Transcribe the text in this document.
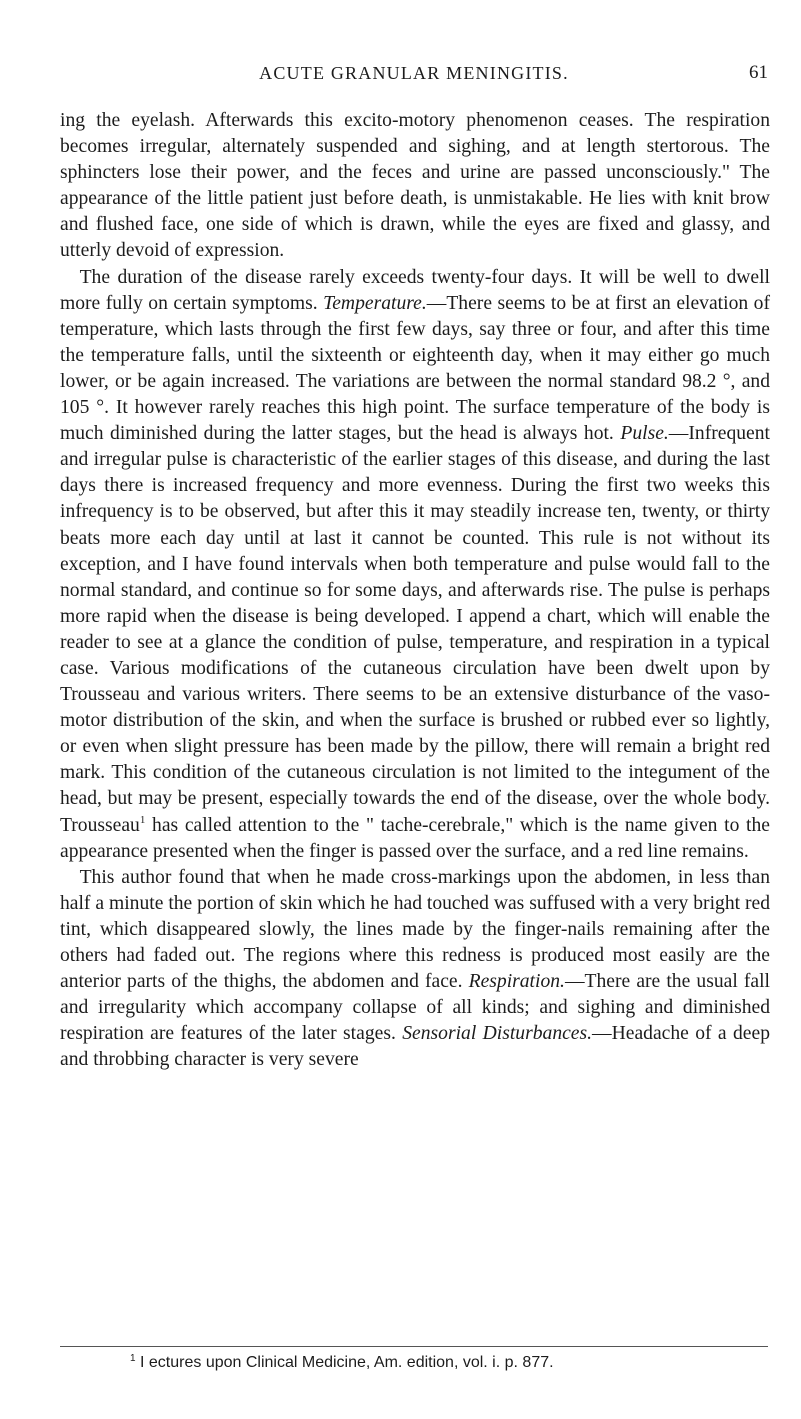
ACUTE GRANULAR MENINGITIS.	61

ing the eyelash. Afterwards this excito-motory phenomenon ceases. The respiration becomes irregular, alternately suspended and sighing, and at length stertorous. The sphincters lose their power, and the feces and urine are passed unconsciously." The appearance of the little patient just before death, is unmistakable. He lies with knit brow and flushed face, one side of which is drawn, while the eyes are fixed and glassy, and utterly devoid of expression.

 The duration of the disease rarely exceeds twenty-four days. It will be well to dwell more fully on certain symptoms. Temperature.—There seems to be at first an elevation of temperature, which lasts through the first few days, say three or four, and after this time the temperature falls, until the sixteenth or eighteenth day, when it may either go much lower, or be again increased. The variations are between the normal standard 98.2 °, and 105 °. It however rarely reaches this high point. The surface temperature of the body is much diminished during the latter stages, but the head is always hot. Pulse.—Infrequent and irregular pulse is characteristic of the earlier stages of this disease, and during the last days there is increased frequency and more evenness. During the first two weeks this infrequency is to be observed, but after this it may steadily increase ten, twenty, or thirty beats more each day until at last it cannot be counted. This rule is not without its exception, and I have found intervals when both temperature and pulse would fall to the normal standard, and continue so for some days, and afterwards rise. The pulse is perhaps more rapid when the disease is being developed. I append a chart, which will enable the reader to see at a glance the condition of pulse, temperature, and respiration in a typical case. Various modifications of the cutaneous circulation have been dwelt upon by Trousseau and various writers. There seems to be an extensive disturbance of the vaso-motor distribution of the skin, and when the surface is brushed or rubbed ever so lightly, or even when slight pressure has been made by the pillow, there will remain a bright red mark. This condition of the cutaneous circulation is not limited to the integument of the head, but may be present, especially towards the end of the disease, over the whole body. Trousseau$^1$ has called attention to the " tache-cerebrale," which is the name given to the appearance presented when the finger is passed over the surface, and a red line remains.

 This author found that when he made cross-markings upon the abdomen, in less than half a minute the portion of skin which he had touched was suffused with a very bright red tint, which disappeared slowly, the lines made by the finger-nails remaining after the others had faded out. The regions where this redness is produced most easily are the anterior parts of the thighs, the abdomen and face. Respiration.—There are the usual fall and irregularity which accompany collapse of all kinds; and sighing and diminished respiration are features of the later stages. Sensorial Disturbances.—Headache of a deep and throbbing character is very severe

$^1$ I ectures upon Clinical Medicine, Am. edition, vol. i. p. 877.
